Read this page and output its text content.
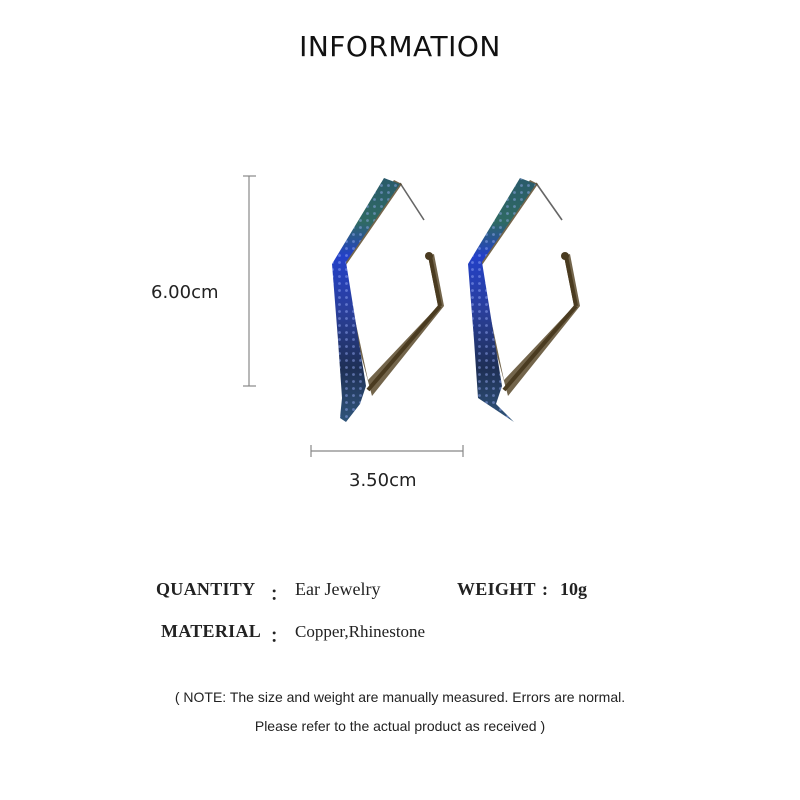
INFORMATION
6.00cm
3.50cm
QUANTITY ： Ear Jewelry	WEIGHT : 10g
MATERIAL ： Copper,Rhinestone
( NOTE: The size and weight are manually measured. Errors are normal.
Please refer to the actual product as received )
